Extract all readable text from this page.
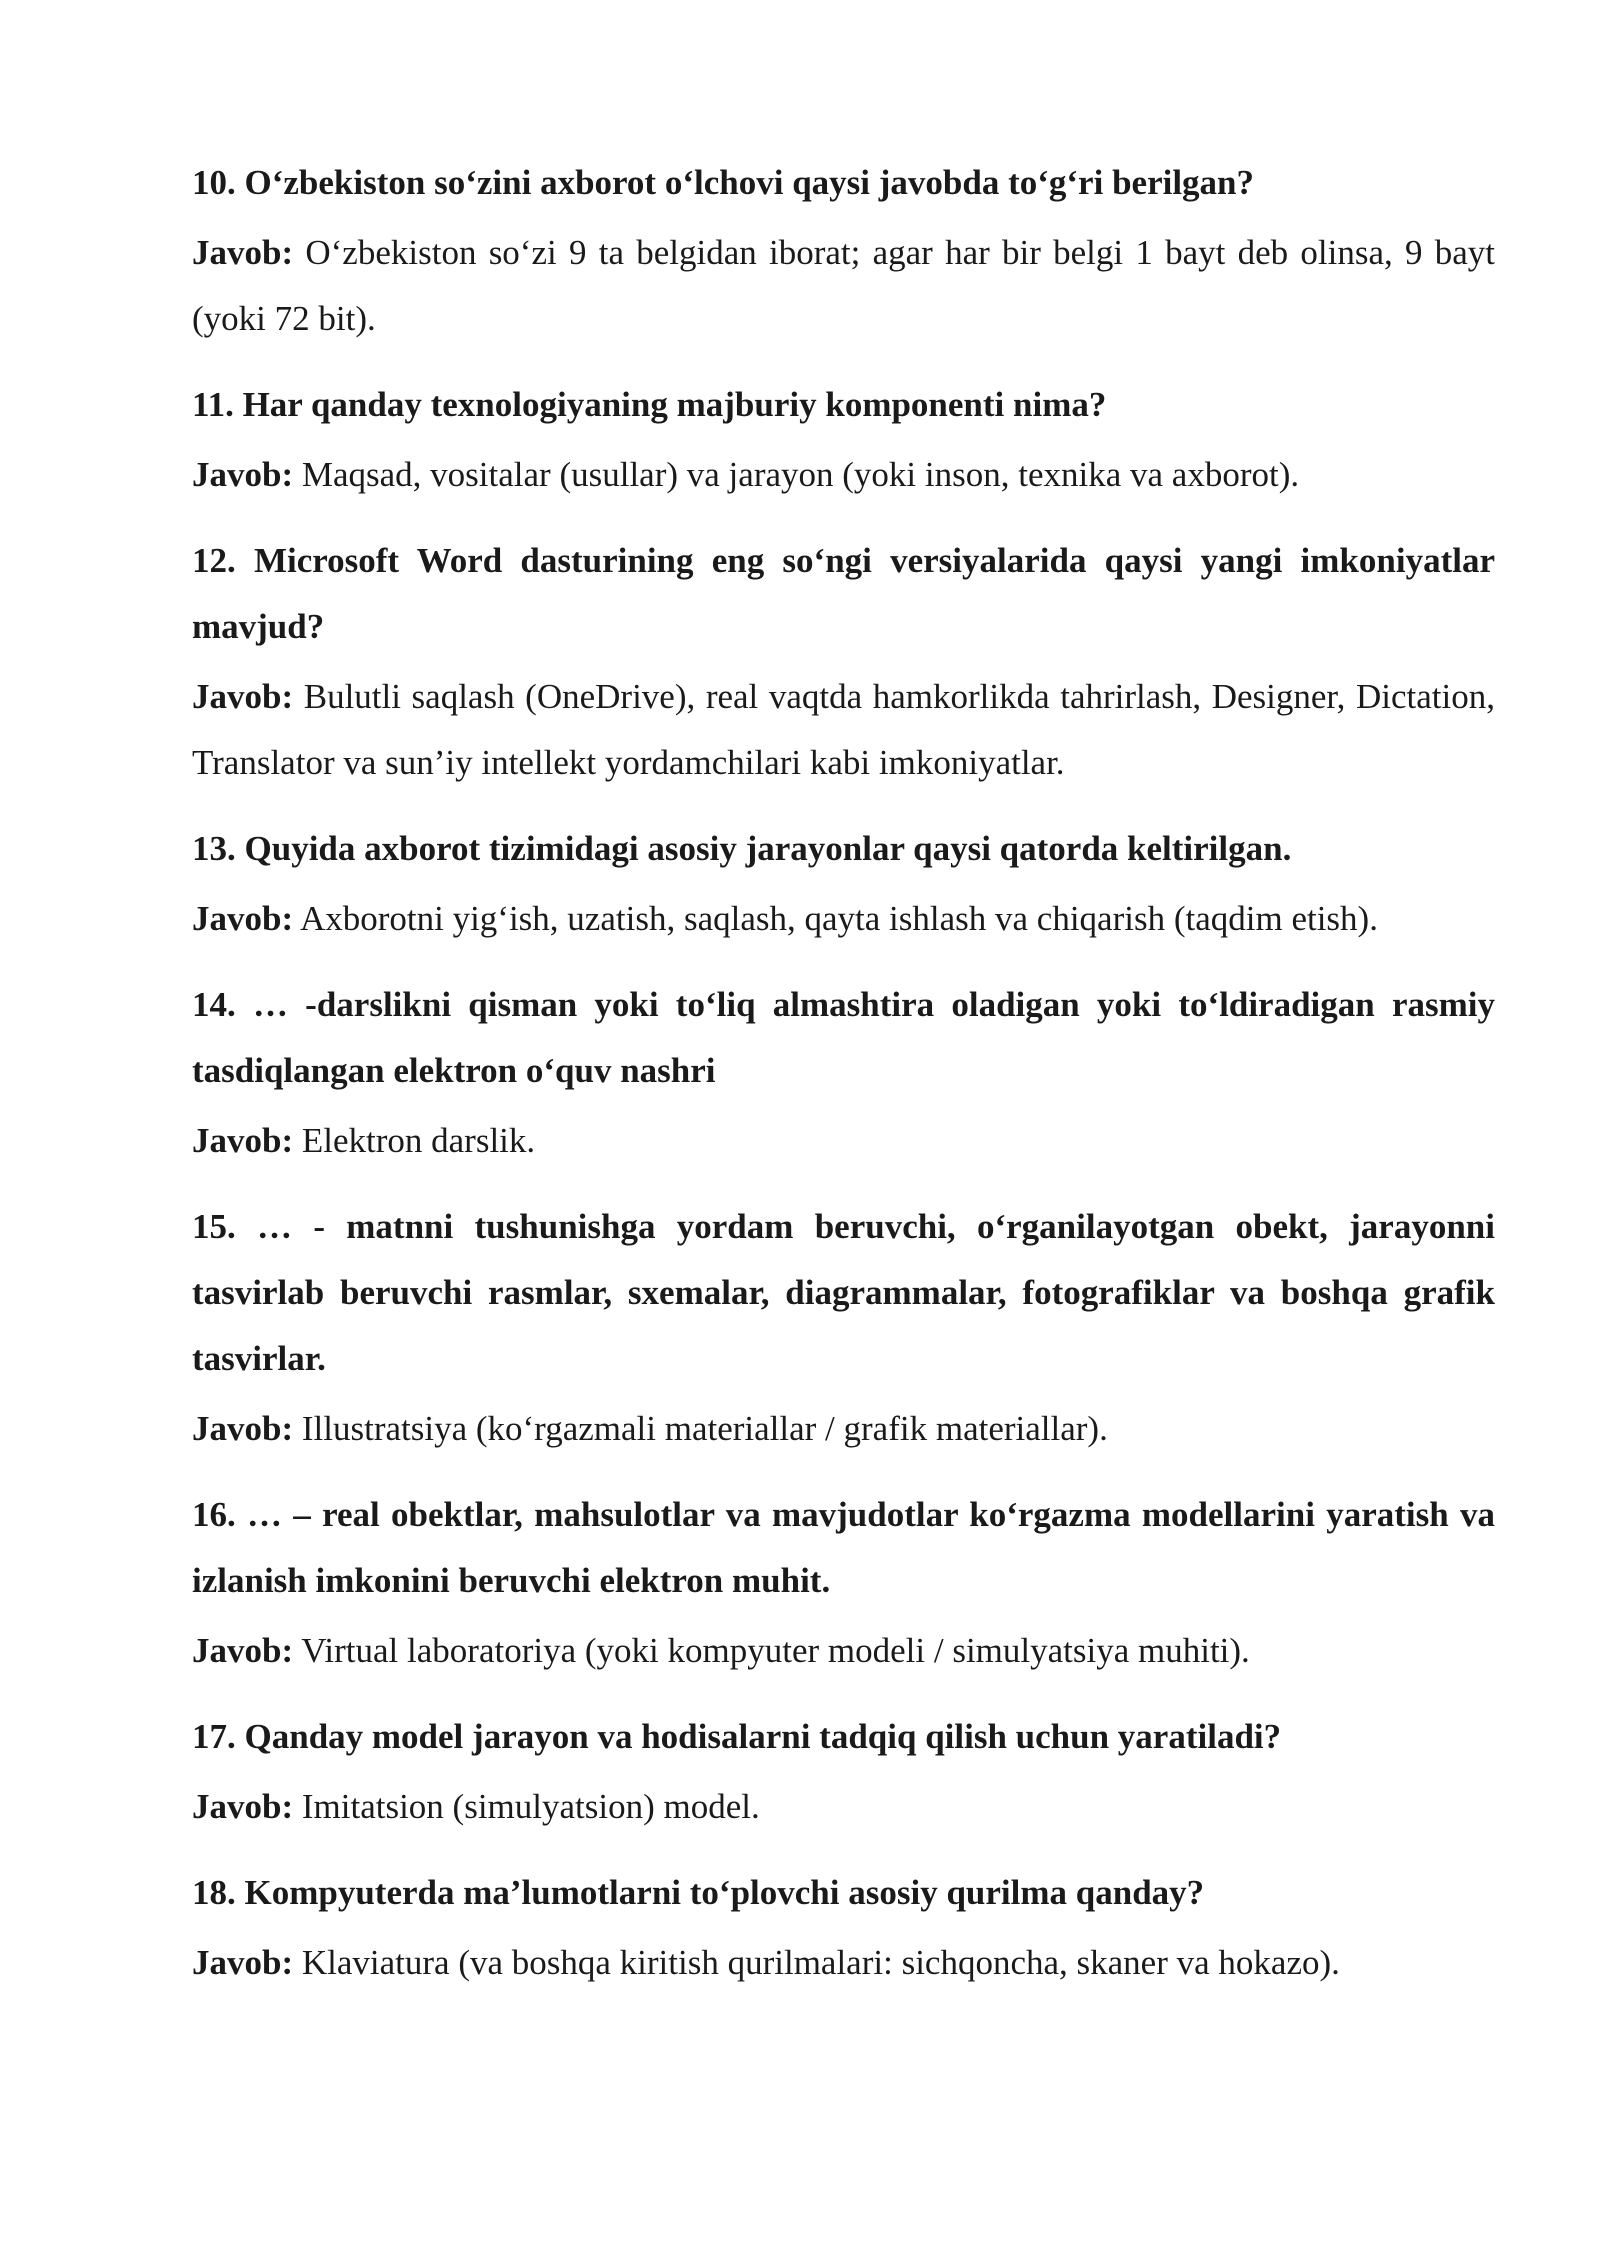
10. O‘zbekiston so‘zini axborot o‘lchovi qaysi javobda to‘g‘ri berilgan?

Javob: O‘zbekiston so‘zi 9 ta belgidan iborat; agar har bir belgi 1 bayt deb olinsa, 9 bayt (yoki 72 bit).

11. Har qanday texnologiyaning majburiy komponenti nima?

Javob: Maqsad, vositalar (usullar) va jarayon (yoki inson, texnika va axborot).

12. Microsoft Word dasturining eng so‘ngi versiyalarida qaysi yangi imkoniyatlar mavjud?

Javob: Bulutli saqlash (OneDrive), real vaqtda hamkorlikda tahrirlash, Designer, Dictation, Translator va sun’iy intellekt yordamchilari kabi imkoniyatlar.

13. Quyida axborot tizimidagi asosiy jarayonlar qaysi qatorda keltirilgan.

Javob: Axborotni yig‘ish, uzatish, saqlash, qayta ishlash va chiqarish (taqdim etish).

14. … -darslikni qisman yoki to‘liq almashtira oladigan yoki to‘ldiradigan rasmiy tasdiqlangan elektron o‘quv nashri

Javob: Elektron darslik.

15. … - matnni tushunishga yordam beruvchi, o‘rganilayotgan obekt, jarayonni tasvirlab beruvchi rasmlar, sxemalar, diagrammalar, fotografiklar va boshqa grafik tasvirlar.

Javob: Illustratsiya (ko‘rgazmali materiallar / grafik materiallar).

16. … – real obektlar, mahsulotlar va mavjudotlar ko‘rgazma modellarini yaratish va izlanish imkonini beruvchi elektron muhit.

Javob: Virtual laboratoriya (yoki kompyuter modeli / simulyatsiya muhiti).

17. Qanday model jarayon va hodisalarni tadqiq qilish uchun yaratiladi?

Javob: Imitatsion (simulyatsion) model.

18. Kompyuterda ma’lumotlarni to‘plovchi asosiy qurilma qanday?

Javob: Klaviatura (va boshqa kiritish qurilmalari: sichqoncha, skaner va hokazo).
